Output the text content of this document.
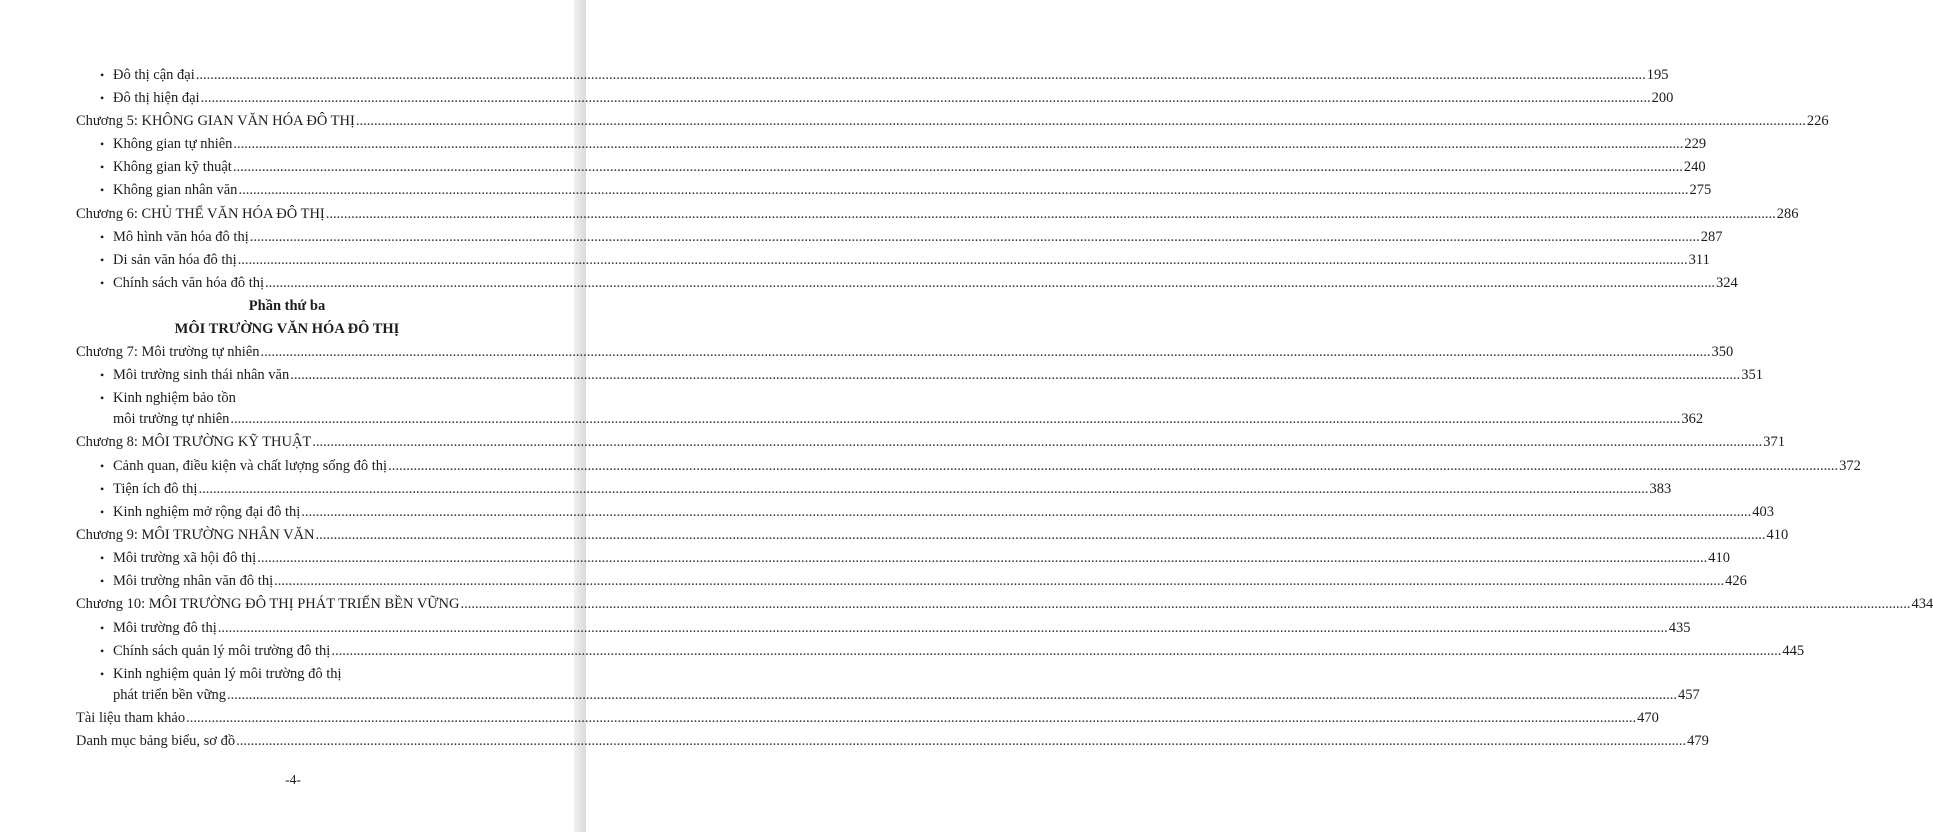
• Đô thị cận đại ................................................................................................................................................................................................................................................................................................................................................................................................................ 195
• Đô thị hiện đại ................................................................................................................................................................................................................................................................................................................................................................................................................ 200
Chương 5: KHÔNG GIAN VĂN HÓA ĐÔ THỊ ................................................................................................................................................................................................................................................................................................................................................................................................................ 226
• Không gian tự nhiên ................................................................................................................................................................................................................................................................................................................................................................................................................ 229
• Không gian kỹ thuật ................................................................................................................................................................................................................................................................................................................................................................................................................ 240
• Không gian nhân văn ................................................................................................................................................................................................................................................................................................................................................................................................................ 275
Chương 6: CHỦ THỂ VĂN HÓA ĐÔ THỊ ................................................................................................................................................................................................................................................................................................................................................................................................................ 286
• Mô hình văn hóa đô thị ................................................................................................................................................................................................................................................................................................................................................................................................................ 287
• Di sản văn hóa đô thị ................................................................................................................................................................................................................................................................................................................................................................................................................ 311
• Chính sách văn hóa đô thị ................................................................................................................................................................................................................................................................................................................................................................................................................ 324
Chương 7: Môi trường tự nhiên ................................................................................................................................................................................................................................................................................................................................................................................................................ 350
• Môi trường sinh thái nhân văn ................................................................................................................................................................................................................................................................................................................................................................................................................ 351
môi trường tự nhiên ................................................................................................................................................................................................................................................................................................................................................................................................................ 362
Chương 8: MÔI TRƯỜNG KỸ THUẬT ................................................................................................................................................................................................................................................................................................................................................................................................................ 371
• Cảnh quan, điều kiện và chất lượng sống đô thị ................................................................................................................................................................................................................................................................................................................................................................................................................ 372
• Tiện ích đô thị ................................................................................................................................................................................................................................................................................................................................................................................................................ 383
• Kinh nghiệm mở rộng đại đô thị ................................................................................................................................................................................................................................................................................................................................................................................................................ 403
Chương 9: MÔI TRƯỜNG NHÂN VĂN ................................................................................................................................................................................................................................................................................................................................................................................................................ 410
• Môi trường xã hội đô thị ................................................................................................................................................................................................................................................................................................................................................................................................................ 410
• Môi trường nhân văn đô thị ................................................................................................................................................................................................................................................................................................................................................................................................................ 426
Chương 10: MÔI TRƯỜNG ĐÔ THỊ PHÁT TRIỂN BỀN VỮNG ................................................................................................................................................................................................................................................................................................................................................................................................................ 434
• Môi trường đô thị ................................................................................................................................................................................................................................................................................................................................................................................................................ 435
• Chính sách quản lý môi trường đô thị ................................................................................................................................................................................................................................................................................................................................................................................................................ 445
phát triển bền vững ................................................................................................................................................................................................................................................................................................................................................................................................................ 457
Tài liệu tham khảo ................................................................................................................................................................................................................................................................................................................................................................................................................ 470
Danh mục bảng biểu, sơ đồ ................................................................................................................................................................................................................................................................................................................................................................................................................ 479
• Kinh nghiệm bảo tồn
• Kinh nghiệm quản lý môi trường đô thị
Phần thứ ba
MÔI TRƯỜNG VĂN HÓA ĐÔ THỊ
-4-
